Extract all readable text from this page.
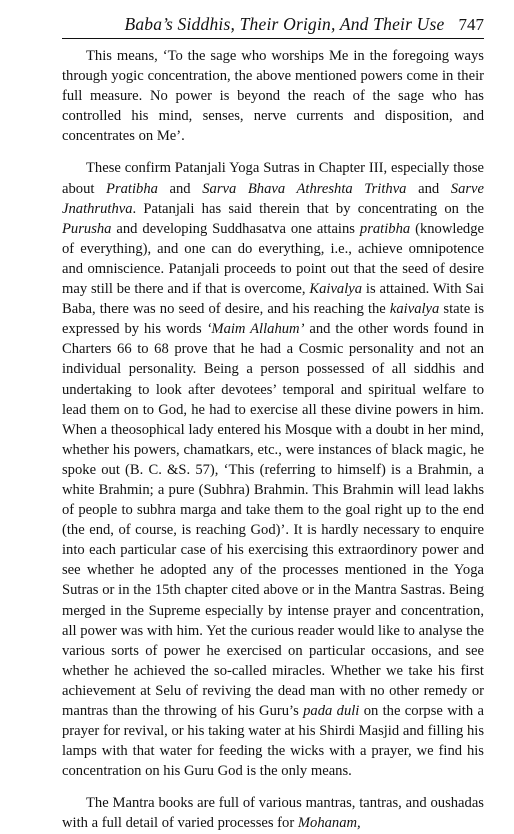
Baba’s Siddhis, Their Origin, And Their Use 747

This means, ‘To the sage who worships Me in the foregoing ways through yogic concentration, the above mentioned powers come in their full measure. No power is beyond the reach of the sage who has controlled his mind, senses, nerve currents and disposition, and concentrates on Me’.

These confirm Patanjali Yoga Sutras in Chapter III, especially those about Pratibha and Sarva Bhava Athreshta Trithva and Sarve Jnathruthva. Patanjali has said therein that by concentrating on the Purusha and developing Suddhasatva one attains pratibha (knowledge of everything), and one can do everything, i.e., achieve omnipotence and omniscience. Patanjali proceeds to point out that the seed of desire may still be there and if that is overcome, Kaivalya is attained. With Sai Baba, there was no seed of desire, and his reaching the kaivalya state is expressed by his words ‘Maim Allahum’ and the other words found in Charters 66 to 68 prove that he had a Cosmic personality and not an individual personality. Being a person possessed of all siddhis and undertaking to look after devotees’ temporal and spiritual welfare to lead them on to God, he had to exercise all these divine powers in him. When a theosophical lady entered his Mosque with a doubt in her mind, whether his powers, chamatkars, etc., were instances of black magic, he spoke out (B. C. &S. 57), ‘This (referring to himself) is a Brahmin, a white Brahmin; a pure (Subhra) Brahmin. This Brahmin will lead lakhs of people to subhra marga and take them to the goal right up to the end (the end, of course, is reaching God)’. It is hardly necessary to enquire into each particular case of his exercising this extraordinory power and see whether he adopted any of the processes mentioned in the Yoga Sutras or in the 15th chapter cited above or in the Mantra Sastras. Being merged in the Supreme especially by intense prayer and concentration, all power was with him. Yet the curious reader would like to analyse the various sorts of power he exercised on particular occasions, and see whether he achieved the so-called miracles. Whether we take his first achievement at Selu of reviving the dead man with no other remedy or mantras than the throwing of his Guru’s pada duli on the corpse with a prayer for revival, or his taking water at his Shirdi Masjid and filling his lamps with that water for feeding the wicks with a prayer, we find his concentration on his Guru God is the only means.

The Mantra books are full of various mantras, tantras, and oushadas with a full detail of varied processes for Mohanam,
